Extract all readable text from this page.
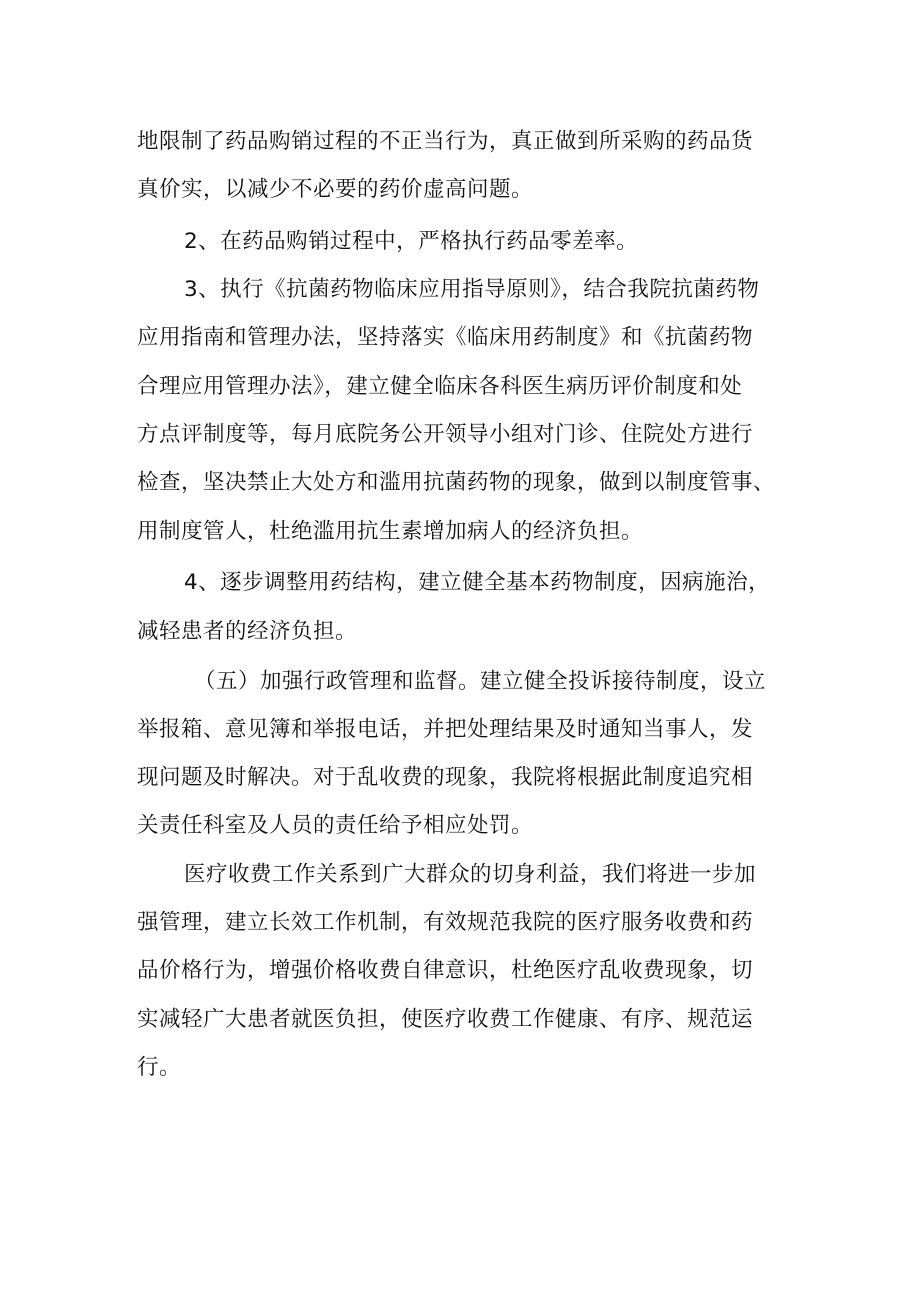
地限制了药品购销过程的不正当行为，真正做到所采购的药品货
真价实，以减少不必要的药价虚高问题。
2、在药品购销过程中，严格执行药品零差率。
3、执行《抗菌药物临床应用指导原则》，结合我院抗菌药物
应用指南和管理办法，坚持落实《临床用药制度》和《抗菌药物
合理应用管理办法》，建立健全临床各科医生病历评价制度和处
方点评制度等，每月底院务公开领导小组对门诊、住院处方进行
检查，坚决禁止大处方和滥用抗菌药物的现象，做到以制度管事、
用制度管人，杜绝滥用抗生素增加病人的经济负担。
4、逐步调整用药结构，建立健全基本药物制度，因病施治，
减轻患者的经济负担。
（五）加强行政管理和监督。建立健全投诉接待制度，设立
举报箱、意见簿和举报电话，并把处理结果及时通知当事人，发
现问题及时解决。对于乱收费的现象，我院将根据此制度追究相
关责任科室及人员的责任给予相应处罚。
医疗收费工作关系到广大群众的切身利益，我们将进一步加
强管理，建立长效工作机制，有效规范我院的医疗服务收费和药
品价格行为，增强价格收费自律意识，杜绝医疗乱收费现象，切
实减轻广大患者就医负担，使医疗收费工作健康、有序、规范运
行。
